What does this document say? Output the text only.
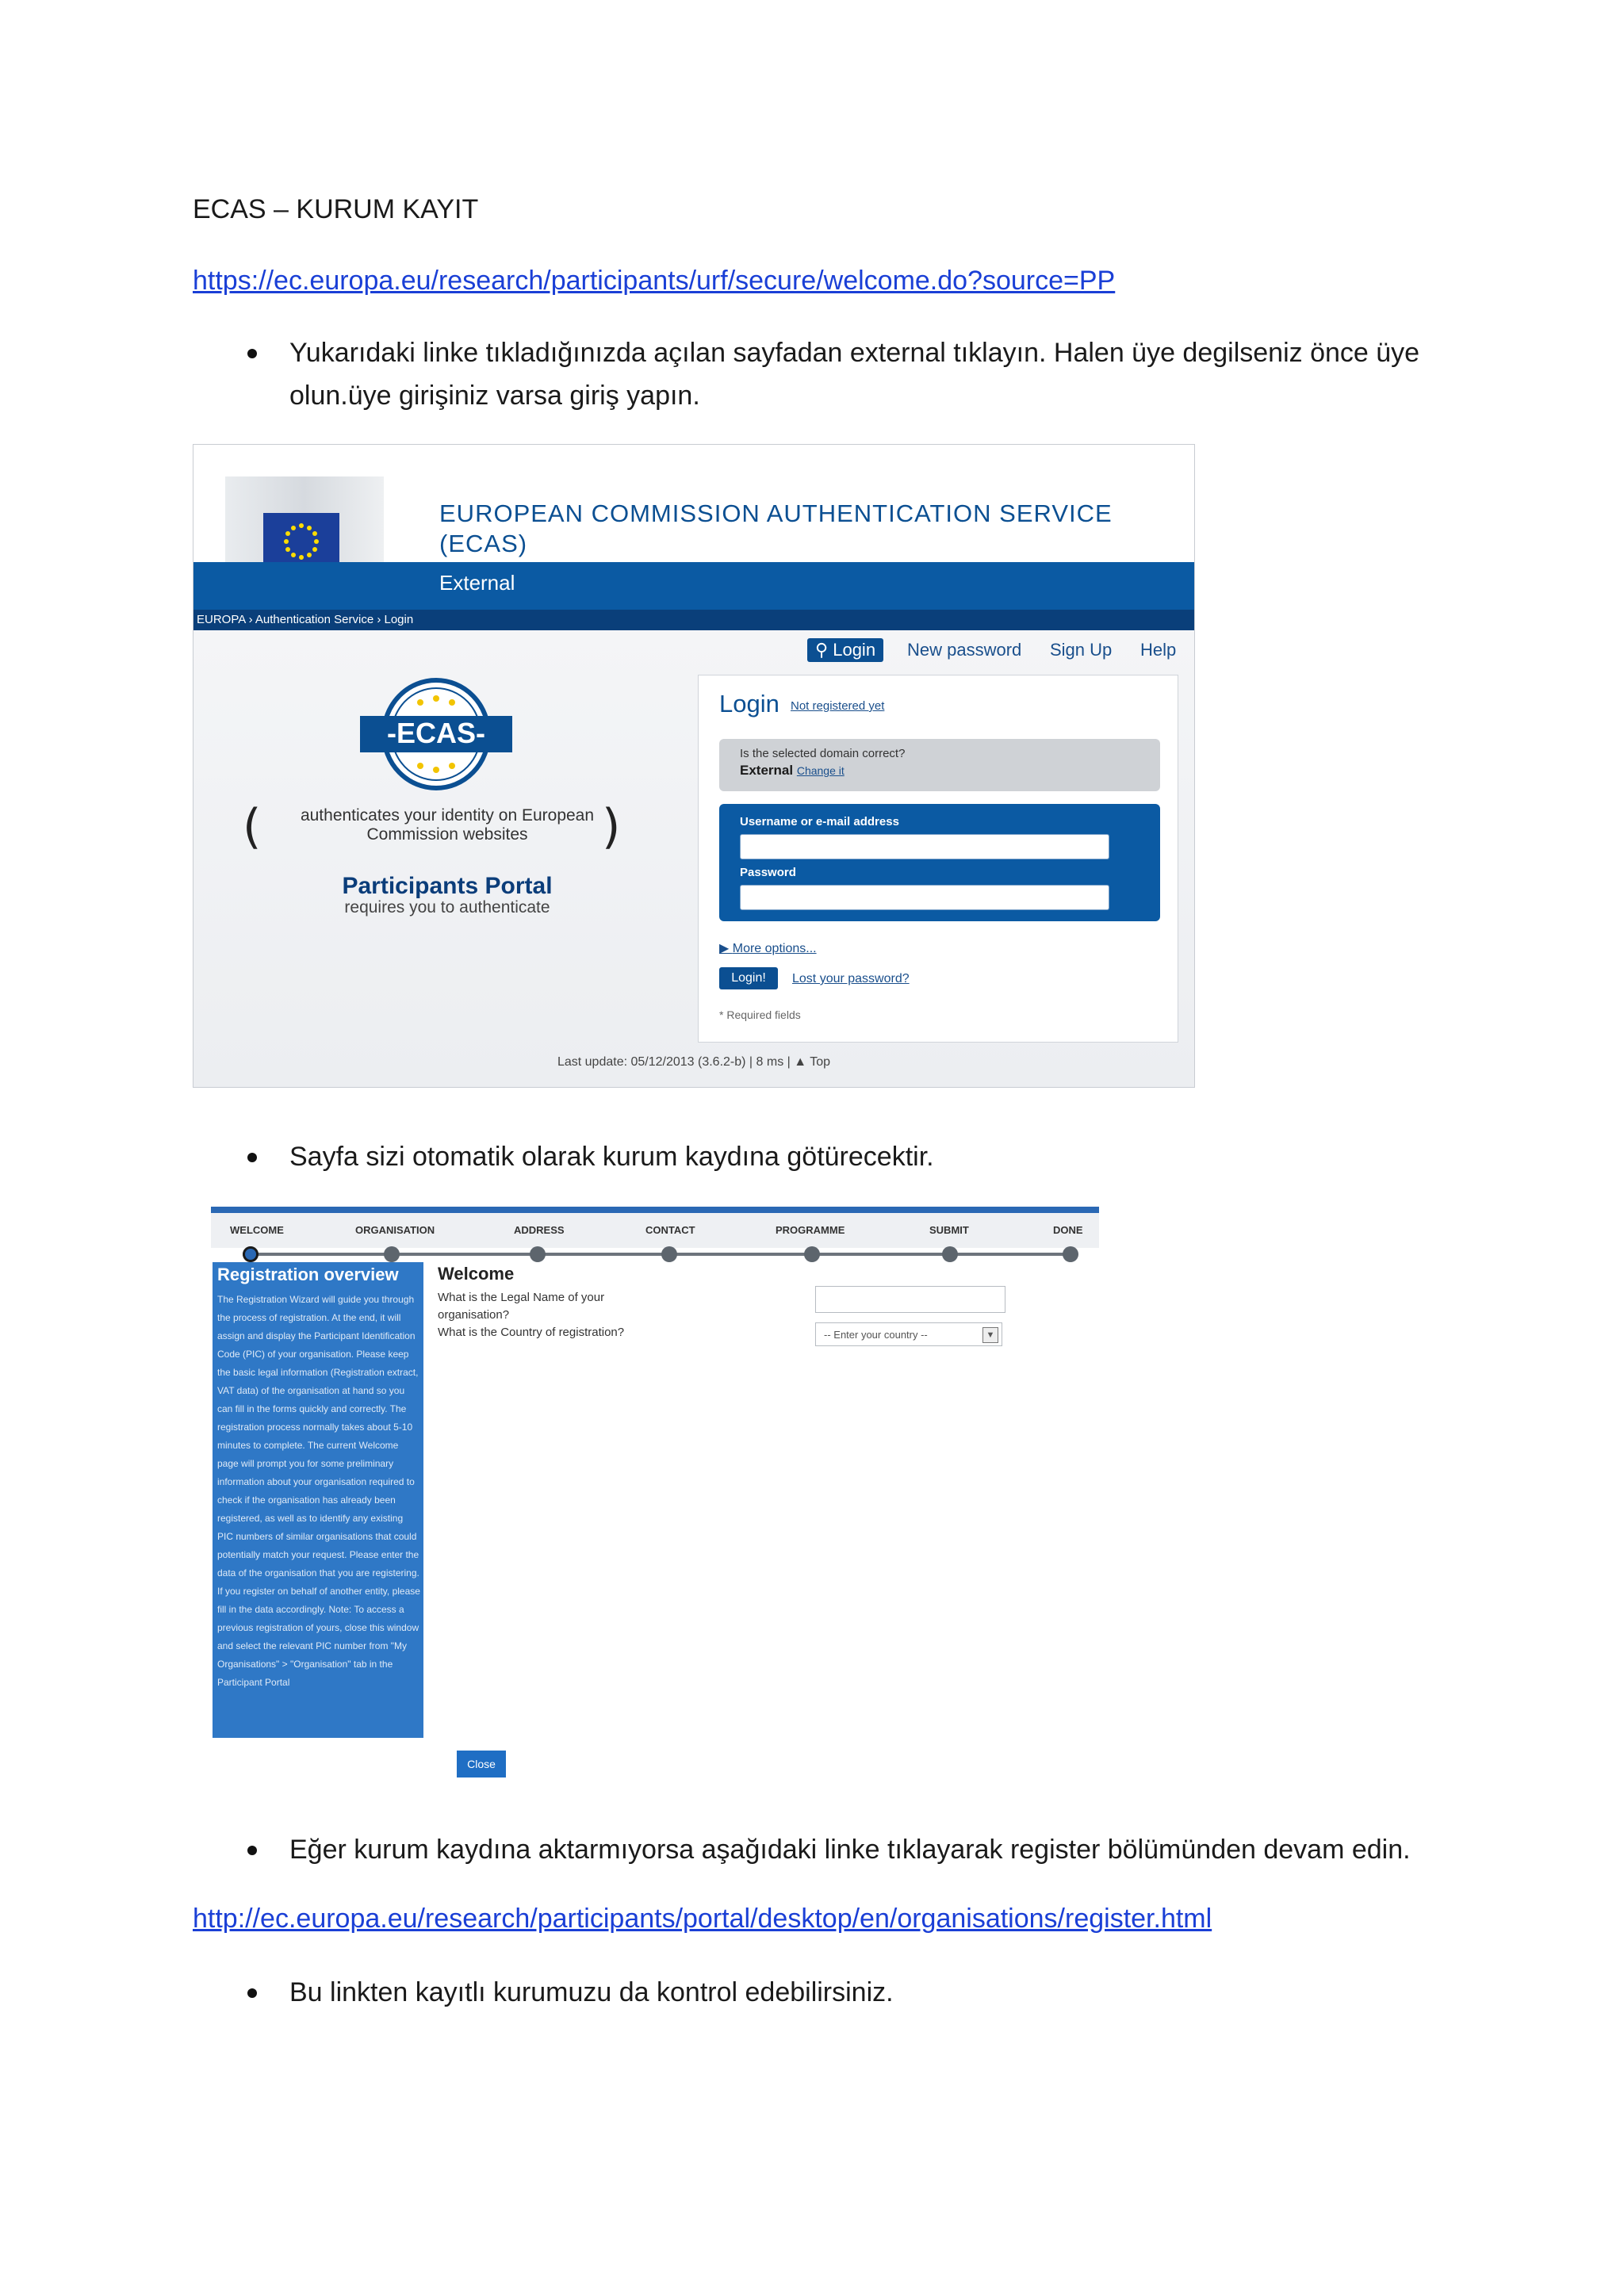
ECAS – KURUM KAYIT
https://ec.europa.eu/research/participants/urf/secure/welcome.do?source=PP
Yukarıdaki linke tıkladığınızda açılan sayfadan external tıklayın. Halen üye degilseniz önce üye
olun.üye girişiniz varsa giriş yapın.
EUROPEAN COMMISSION AUTHENTICATION SERVICE
(ECAS)
External
EUROPA › Authentication Service › Login
⚲ Login	New password Sign Up Help
-ECAS-
(	)
authenticates your identity on European
Commission websites
Participants Portal
requires you to authenticate
Login Not registered yet
Is the selected domain correct?
External Change it
Username or e-mail address
Password
▶ More options...
Login!	Lost your password?
* Required fields
Last update: 05/12/2013 (3.6.2-b) | 8 ms | ▲ Top
Sayfa sizi otomatik olarak kurum kaydına götürecektir.
WELCOME	ORGANISATION	ADDRESS	CONTACT	PROGRAMME	SUBMIT	DONE
Registration overview
The Registration Wizard will guide you through the process of registration. At the end, it will assign and display the Participant Identification Code (PIC) of your organisation. Please keep the basic legal information (Registration extract, VAT data) of the organisation at hand so you can fill in the forms quickly and correctly. The registration process normally takes about 5-10 minutes to complete. The current Welcome page will prompt you for some preliminary information about your organisation required to check if the organisation has already been registered, as well as to identify any existing PIC numbers of similar organisations that could potentially match your request. Please enter the data of the organisation that you are registering. If you register on behalf of another entity, please fill in the data accordingly. Note: To access a previous registration of yours, close this window and select the relevant PIC number from "My Organisations" > "Organisation" tab in the Participant Portal
Welcome
What is the Legal Name of your
organisation?
What is the Country of registration?	-- Enter your country --	▼
Close
Eğer kurum kaydına aktarmıyorsa aşağıdaki linke tıklayarak register bölümünden devam edin.
http://ec.europa.eu/research/participants/portal/desktop/en/organisations/register.html
Bu linkten kayıtlı kurumuzu da kontrol edebilirsiniz.
